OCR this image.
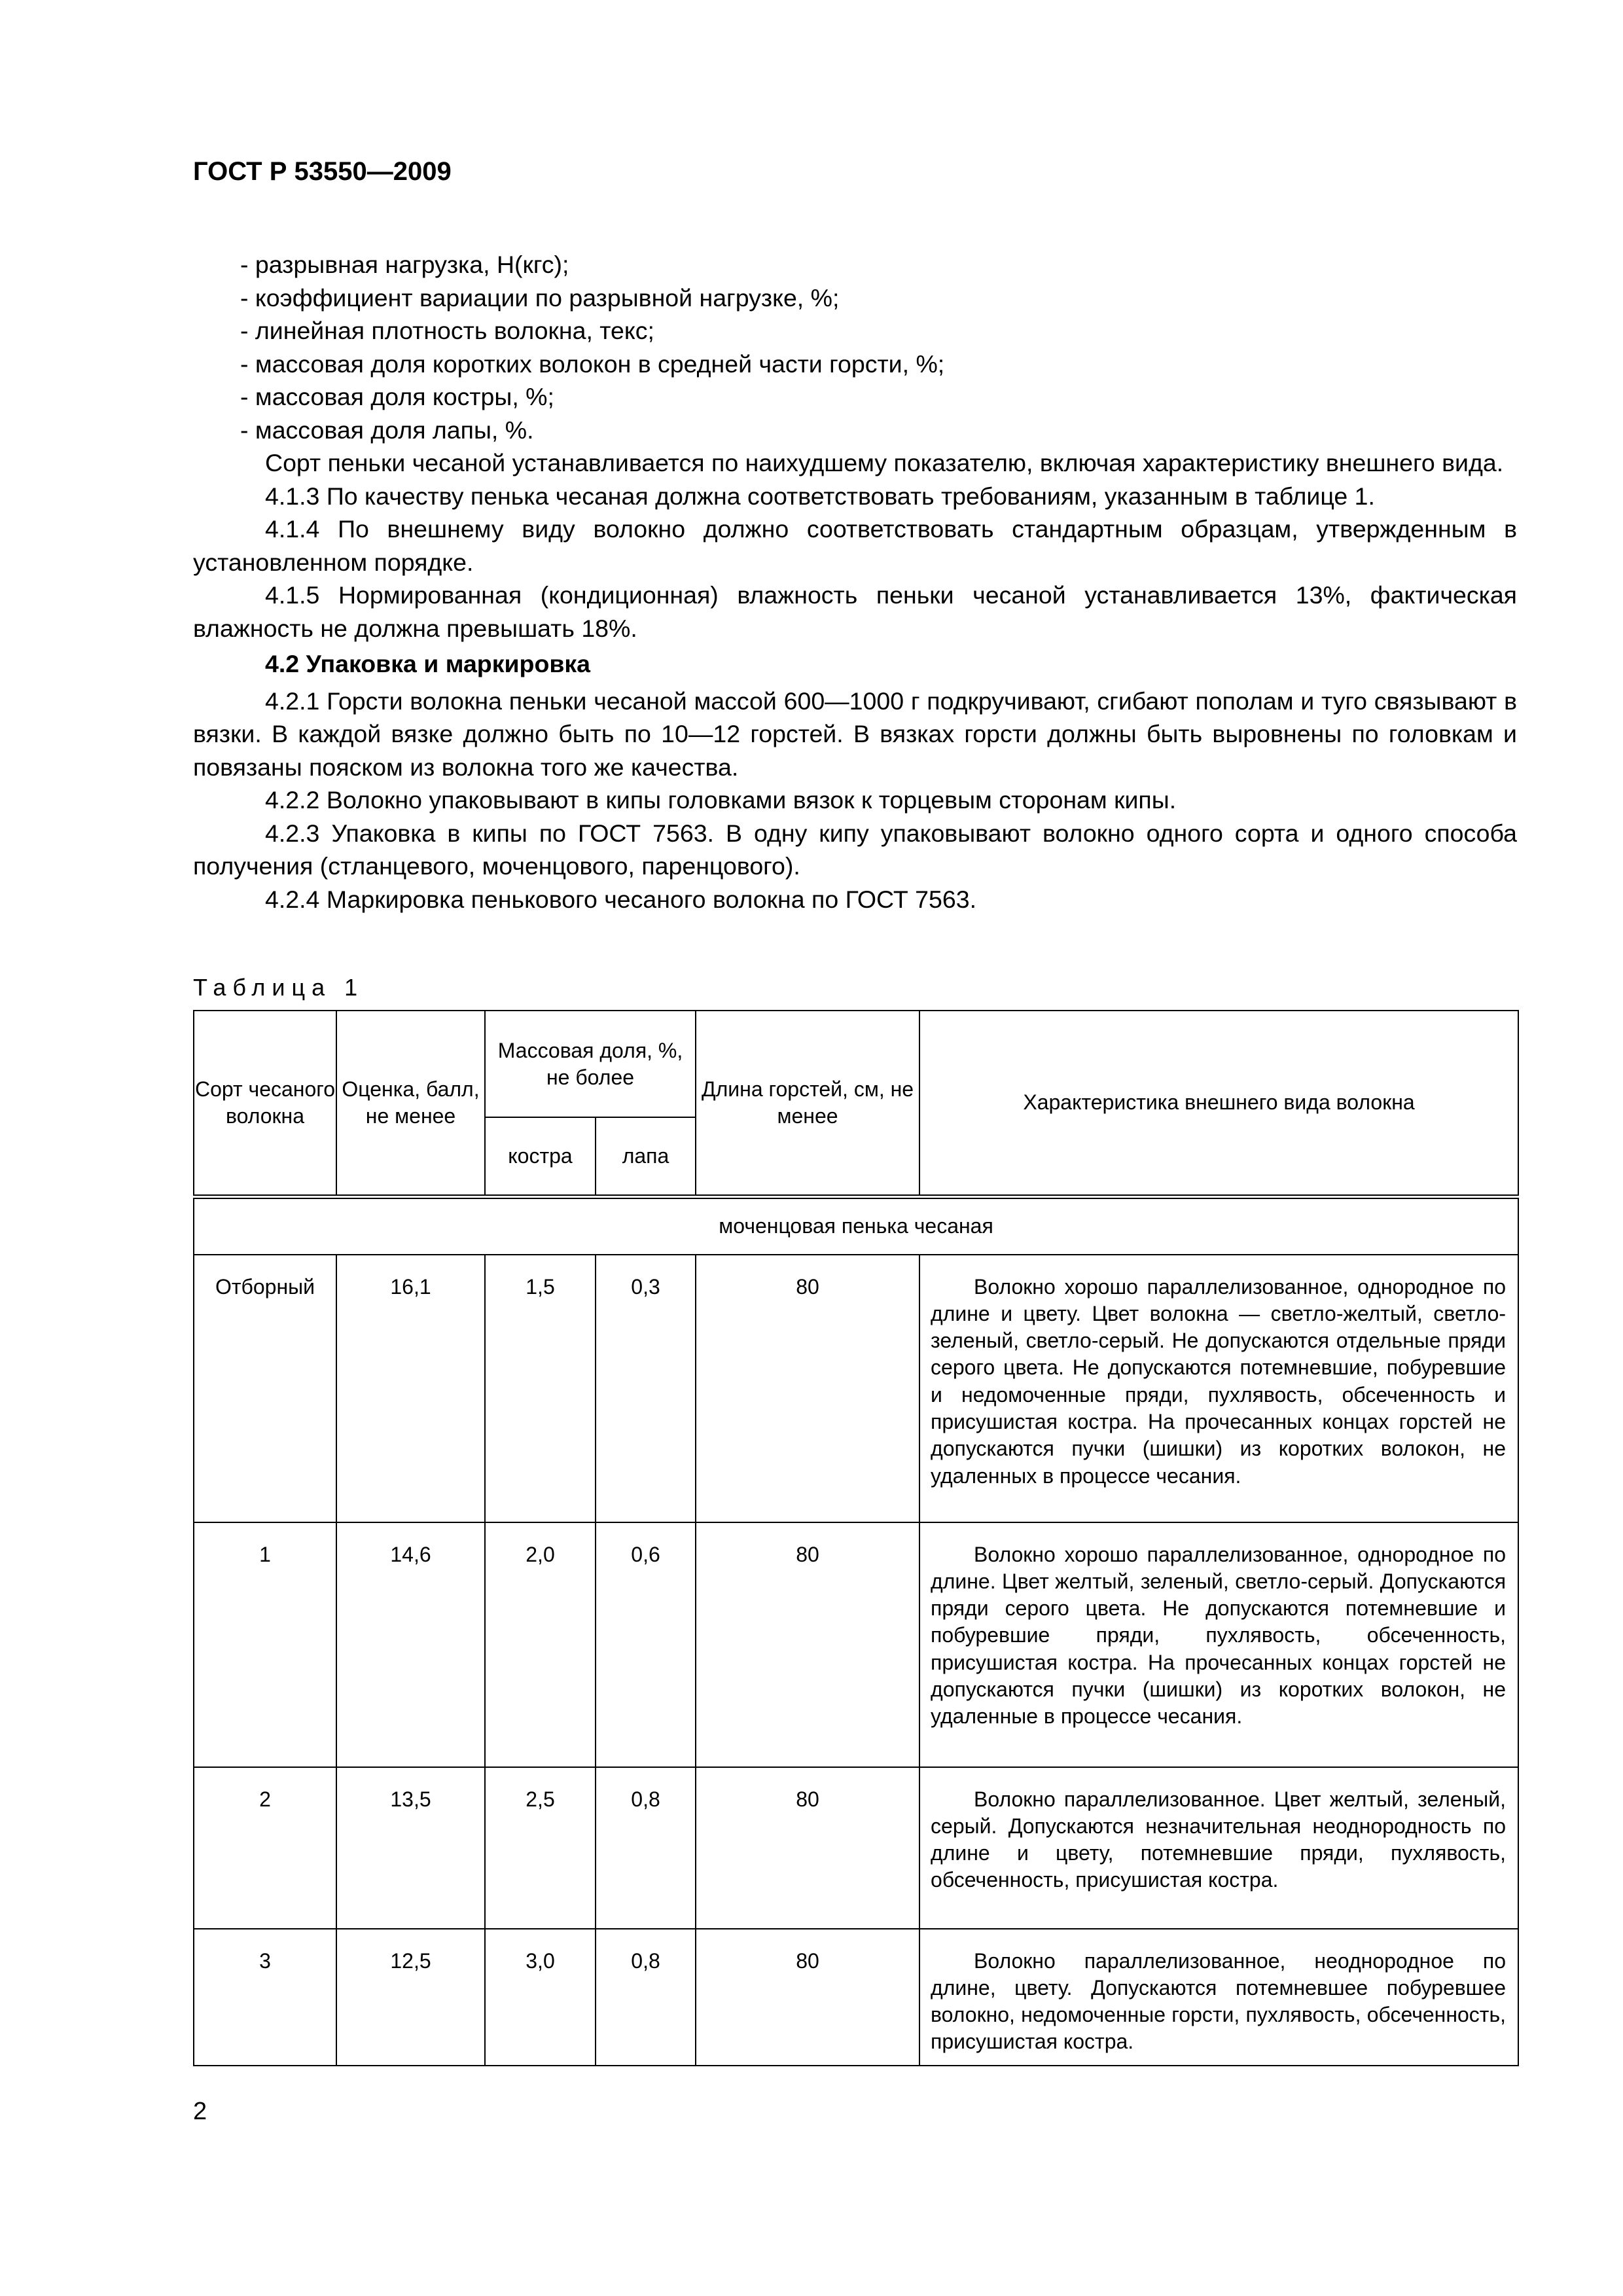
ГОСТ Р 53550—2009
- разрывная нагрузка, Н(кгс);
- коэффициент вариации по разрывной нагрузке, %;
- линейная плотность волокна, текс;
- массовая доля коротких волокон в средней части горсти, %;
- массовая доля костры, %;
- массовая доля лапы, %.

Сорт пеньки чесаной устанавливается по наихудшему показателю, включая характеристику внешнего вида.

4.1.3 По качеству пенька чесаная должна соответствовать требованиям, указанным в таблице 1.

4.1.4 По внешнему виду волокно должно соответствовать стандартным образцам, утвержденным в установленном порядке.

4.1.5 Нормированная (кондиционная) влажность пеньки чесаной устанавливается 13%, фактическая влажность не должна превышать 18%.

4.2 Упаковка и маркировка

4.2.1 Горсти волокна пеньки чесаной массой 600—1000 г подкручивают, сгибают пополам и туго связывают в вязки. В каждой вязке должно быть по 10—12 горстей. В вязках горсти должны быть выровнены по головкам и повязаны пояском из волокна того же качества.

4.2.2 Волокно упаковывают в кипы головками вязок к торцевым сторонам кипы.

4.2.3 Упаковка в кипы по ГОСТ 7563. В одну кипу упаковывают волокно одного сорта и одного способа получения (стланцевого, моченцового, паренцового).

4.2.4 Маркировка пенькового чесаного волокна по ГОСТ 7563.

Таблица 1
Сорт чесаного волокна	Оценка, балл, не менее	Массовая доля, %, не более		Длина горстей, см, не менее	Характеристика внешнего вида волокна
		костра	лапа		
моченцовая пенька чесаная					
Отборный	16,1	1,5	0,3	80	Волокно хорошо параллелизованное, однородное по длине и цвету. Цвет волокна — светло-желтый, светло-зеленый, светло-серый. Не допускаются отдельные пряди серого цвета. Не допускаются потемневшие, побуревшие и недомоченные пряди, пухлявость, обсеченность и присушистая костра. На прочесанных концах горстей не допускаются пучки (шишки) из коротких волокон, не удаленных в процессе чесания.
1	14,6	2,0	0,6	80	Волокно хорошо параллелизованное, однородное по длине. Цвет желтый, зеленый, светло-серый. Допускаются пряди серого цвета. Не допускаются потемневшие и побуревшие пряди, пухлявость, обсеченность, присушистая костра. На прочесанных концах горстей не допускаются пучки (шишки) из коротких волокон, не удаленные в процессе чесания.
2	13,5	2,5	0,8	80	Волокно параллелизованное. Цвет желтый, зеленый, серый. Допускаются незначительная неоднородность по длине и цвету, потемневшие пряди, пухлявость, обсеченность, присушистая костра.
3	12,5	3,0	0,8	80	Волокно параллелизованное, неоднородное по длине, цвету. Допускаются потемневшее побуревшее волокно, недомоченные горсти, пухлявость, обсеченность, присушистая костра.
2
